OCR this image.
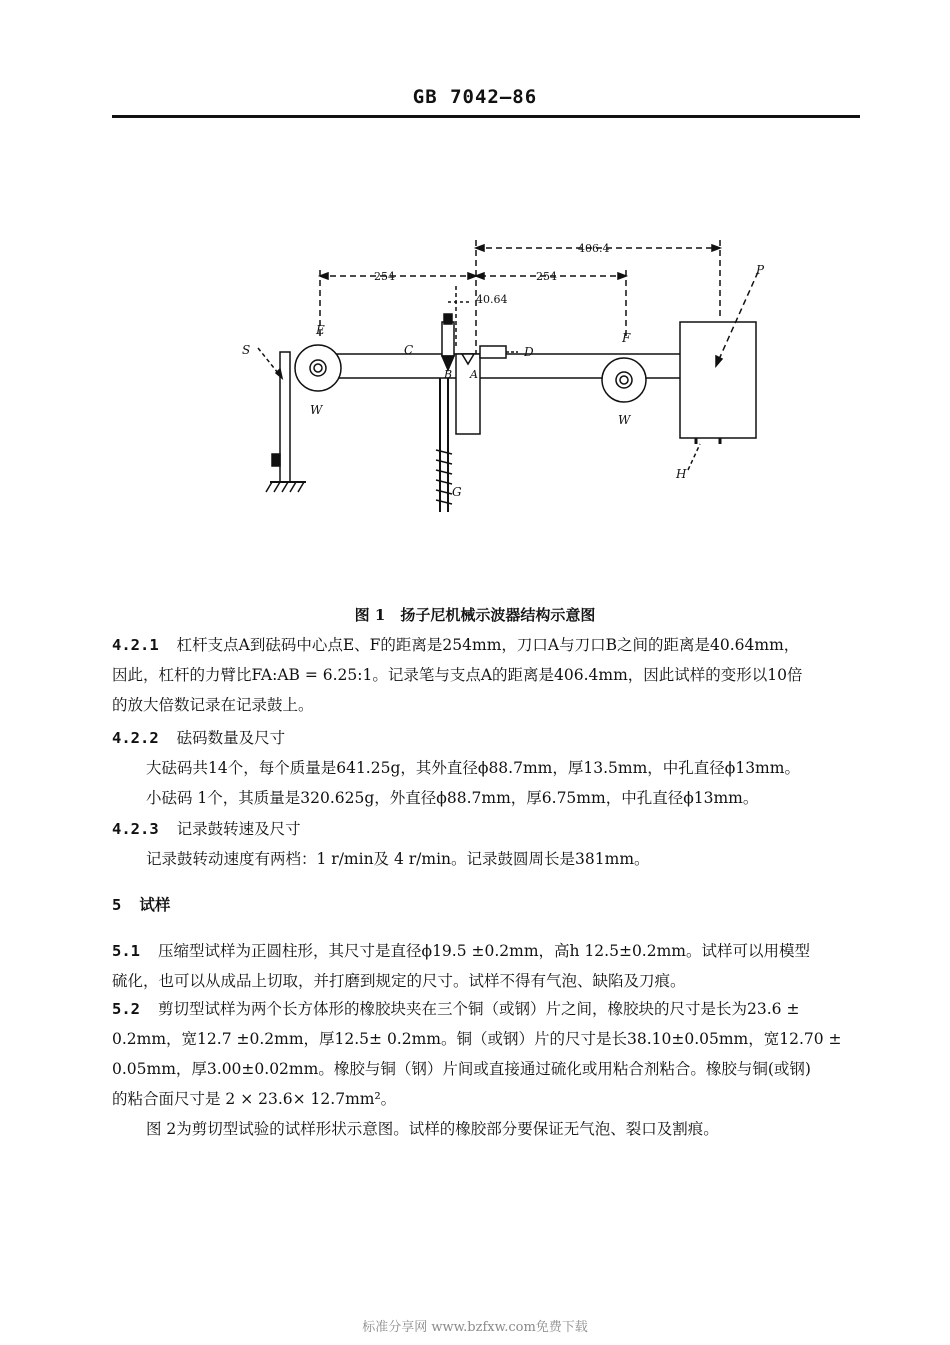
GB 7042—86
406.4
254	254
40.64
S
E
F
C	D
B A
W
W
P
H
G
图 1　扬子尼机械示波器结构示意图
4.2.1 杠杆支点A到砝码中心点E、F的距离是254mm，刀口A与刀口B之间的距离是40.64mm，
因此，杠杆的力臂比FA:AB = 6.25:1。记录笔与支点A的距离是406.4mm，因此试样的变形以10倍
的放大倍数记录在记录鼓上。
4.2.2 砝码数量及尺寸
大砝码共14个，每个质量是641.25g，其外直径ϕ88.7mm，厚13.5mm，中孔直径ϕ13mm。
小砝码 1个，其质量是320.625g，外直径ϕ88.7mm，厚6.75mm，中孔直径ϕ13mm。
4.2.3 记录鼓转速及尺寸
记录鼓转动速度有两档：1 r/min及 4 r/min。记录鼓圆周长是381mm。
5 试样
5.1 压缩型试样为正圆柱形，其尺寸是直径ϕ19.5 ±0.2mm，高h 12.5±0.2mm。试样可以用模型
硫化，也可以从成品上切取，并打磨到规定的尺寸。试样不得有气泡、缺陷及刀痕。
5.2 剪切型试样为两个长方体形的橡胶块夹在三个铜（或钢）片之间，橡胶块的尺寸是长为23.6 ±
0.2mm，宽12.7 ±0.2mm，厚12.5± 0.2mm。铜（或钢）片的尺寸是长38.10±0.05mm，宽12.70 ±
0.05mm，厚3.00±0.02mm。橡胶与铜（钢）片间或直接通过硫化或用粘合剂粘合。橡胶与铜(或钢)
的粘合面尺寸是 2 × 23.6× 12.7mm²。
图 2为剪切型试验的试样形状示意图。试样的橡胶部分要保证无气泡、裂口及割痕。
标准分享网 www.bzfxw.com免费下载
